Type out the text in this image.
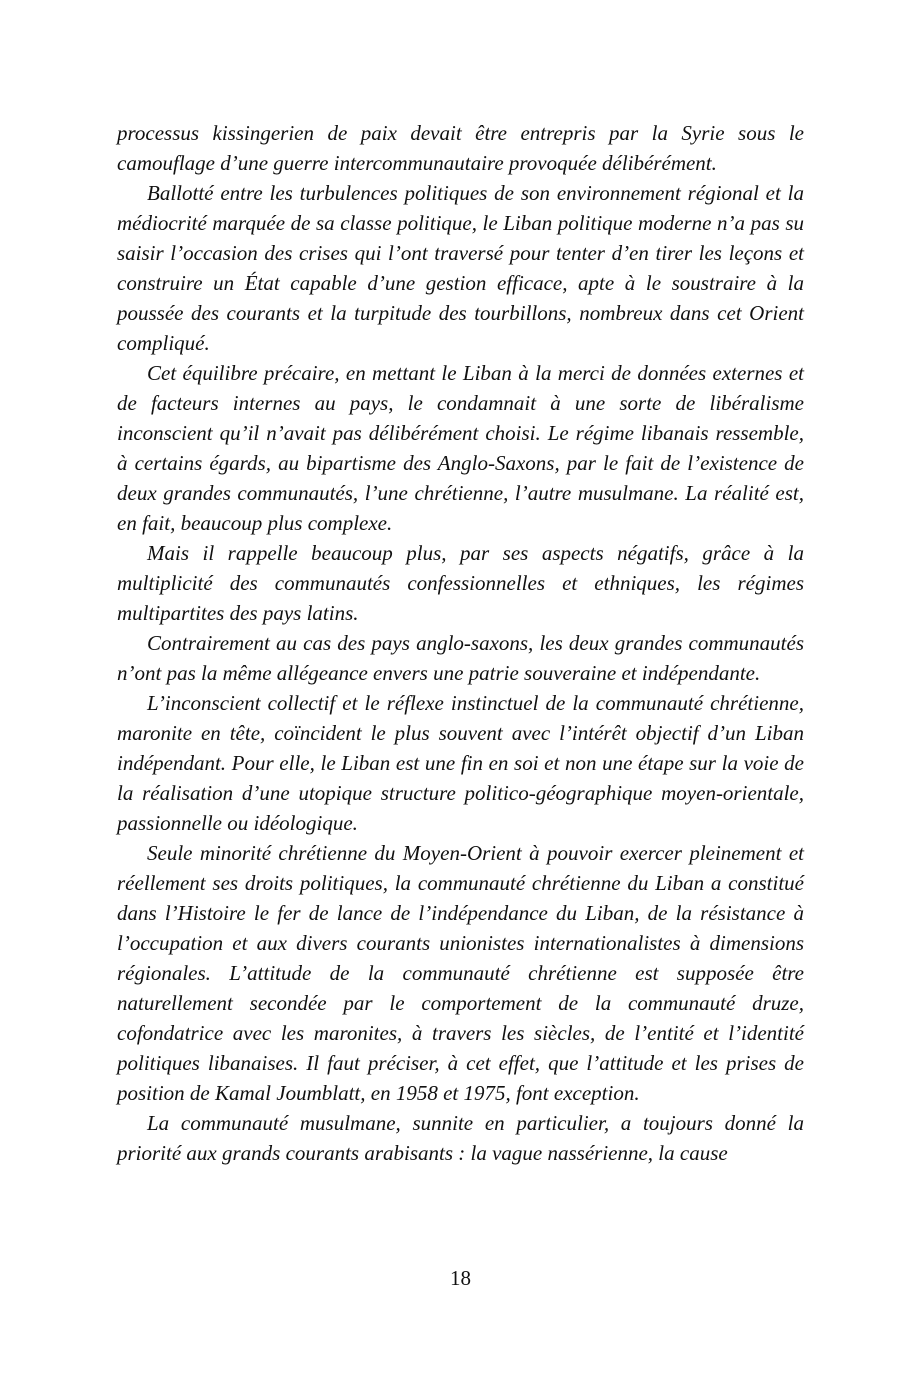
processus kissingerien de paix devait être entrepris par la Syrie sous le camouflage d’une guerre intercommunautaire provoquée délibérément.

Ballotté entre les turbulences politiques de son environnement régional et la médiocrité marquée de sa classe politique, le Liban politique moderne n’a pas su saisir l’occasion des crises qui l’ont traversé pour tenter d’en tirer les leçons et construire un État capable d’une gestion efficace, apte à le soustraire à la poussée des courants et la turpitude des tourbillons, nombreux dans cet Orient compliqué.

Cet équilibre précaire, en mettant le Liban à la merci de données externes et de facteurs internes au pays, le condamnait à une sorte de libéralisme inconscient qu’il n’avait pas délibérément choisi. Le régime libanais ressemble, à certains égards, au bipartisme des Anglo-Saxons, par le fait de l’existence de deux grandes communautés, l’une chrétienne, l’autre musulmane. La réalité est, en fait, beaucoup plus complexe.

Mais il rappelle beaucoup plus, par ses aspects négatifs, grâce à la multiplicité des communautés confessionnelles et ethniques, les régimes multipartites des pays latins.

Contrairement au cas des pays anglo-saxons, les deux grandes communautés n’ont pas la même allégeance envers une patrie souveraine et indépendante.

L’inconscient collectif et le réflexe instinctuel de la communauté chrétienne, maronite en tête, coïncident le plus souvent avec l’intérêt objectif d’un Liban indépendant. Pour elle, le Liban est une fin en soi et non une étape sur la voie de la réalisation d’une utopique structure politico-géographique moyen-orientale, passionnelle ou idéologique.

Seule minorité chrétienne du Moyen-Orient à pouvoir exercer pleinement et réellement ses droits politiques, la communauté chrétienne du Liban a constitué dans l’Histoire le fer de lance de l’indépendance du Liban, de la résistance à l’occupation et aux divers courants unionistes internationalistes à dimensions régionales. L’attitude de la communauté chrétienne est supposée être naturellement secondée par le comportement de la communauté druze, cofondatrice avec les maronites, à travers les siècles, de l’entité et l’identité politiques libanaises. Il faut préciser, à cet effet, que l’attitude et les prises de position de Kamal Joumblatt, en 1958 et 1975, font exception.

La communauté musulmane, sunnite en particulier, a toujours donné la priorité aux grands courants arabisants : la vague nassérienne, la cause

18
